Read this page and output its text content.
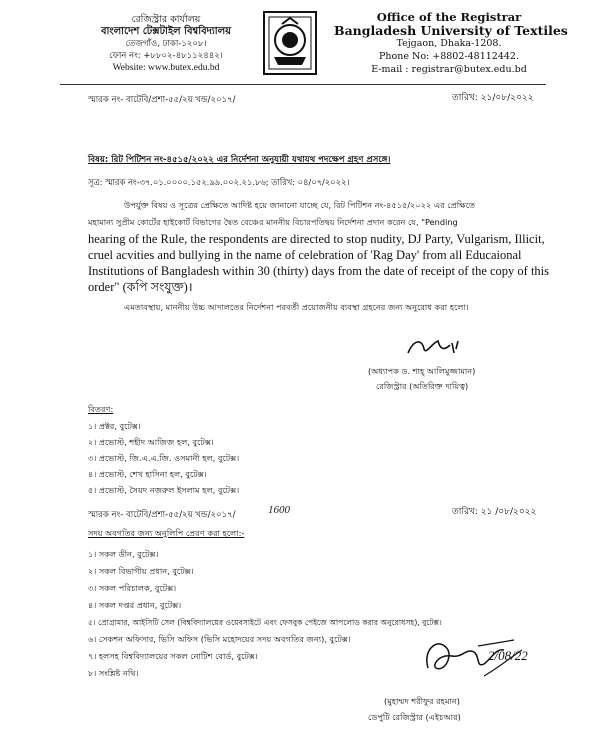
রেজিস্ট্রার কার্যালয়
বাংলাদেশ টেক্সটাইল বিশ্ববিদ্যালয়
তেজগাঁও, ঢাকা-১২০৮।
ফোন নং: +৮৮০২-৪৮১১২৪৪২।
Website: www.butex.edu.bd
Office of the Registrar
Bangladesh University of Textiles
Tejgaon, Dhaka-1208.
Phone No: +8802-48112442.
E-mail : registrar@butex.edu.bd
স্মারক নং- বাটেবি/প্রশা-৫৫/২য় খন্ড/২০১৭/	তারিখ: ২১/০৮/২০২২
বিষয়: রিট পিটিশন নং-৪৫১৫/২০২২ এর নির্দেশনা অনুযায়ী যথাযথ পদক্ষেপ গ্রহণ প্রসঙ্গে।
সূত্র: স্মারক নং-৩৭.০১.০০০০.১৫২.৯৯.০০২.২১.৮৬; তারিখ: ০৪/০৭/২০২২।
উপর্যুক্ত বিষয় ও সূত্রের প্রেক্ষিতে আদিষ্ট হয়ে জানানো যাচ্ছে যে, রিট পিটিশন নং-৪৫১৫/২০২২ এর প্রেক্ষিতে
মহামান্য সুপ্রীম কোর্টের হাইকোর্ট বিভাগের দ্বৈত বেঞ্চের মাননীয় বিচারপতিদ্বয় নির্দেশনা প্রদান করেন যে, "Pending
hearing of the Rule, the respondents are directed to stop nudity, DJ Party, Vulgarism, Illicit,
cruel acvities and bullying in the name of celebration of 'Rag Day' from all Educaional
Institutions of Bangladesh within 30 (thirty) days from the date of receipt of the copy of this
order" (কপি সংযুক্ত)।
এমতাবস্থায়, মাননীয় উচ্চ আদালতের নির্দেশনা পরবর্তী প্রয়োজনীয় ব্যবস্থা গ্রহনের জন্য অনুরোধ করা হলো।
(অধ্যাপক ড. শাহ্ আলিমুজ্জামান)
রেজিস্ট্রার (অতিরিক্ত দায়িত্ব)
বিতরণ:
১। প্রক্টর, বুটেক্স।
২। প্রভোস্ট, শহীদ আজিজ হল, বুটেক্স।
৩। প্রভোস্ট, জি.এ.এ.জি. ওসমানী হল, বুটেক্স।
৪। প্রভোস্ট, শেখ হাসিনা হল, বুটেক্স।
৫। প্রভোস্ট, সৈয়দ নজরুল ইসলাম হল, বুটেক্স।
স্মারক নং- বাটেবি/প্রশা-৫৫/২য় খন্ড/২০১৭/	1600	তারিখ: ২১ /০৮/২০২২
সদয় অবগতির জন্য অনুলিপি প্রেরণ করা হলো:-
১। সকল ডীন, বুটেক্স।
২। সকল বিভাগীয় প্রধান, বুটেক্স।
৩। সকল পরিচালক, বুটেক্স।
৪। সকল দপ্তর প্রধান, বুটেক্স।
৫। প্রোগ্রামার, আইসিটি সেল (বিশ্ববিদ্যালয়ের ওয়েবসাইটে এবং ফেসবুক পেইজে আপলোড করার অনুরোধসহ), বুটেক্স।
৬। সেকশন অফিসার, ভিসি অফিস (ভিসি মহোদয়ের সদয় অবগতির জন্য), বুটেক্স।
৭। হলসহ বিশ্ববিদ্যালয়ের সকল নোটিশ বোর্ড, বুটেক্স।
৮। সংশ্লিষ্ট নথি।
2/08/22
(মুহাম্মদ শরীফুর রহমান)
ডেপুটি রেজিস্ট্রার (এইচআর)
